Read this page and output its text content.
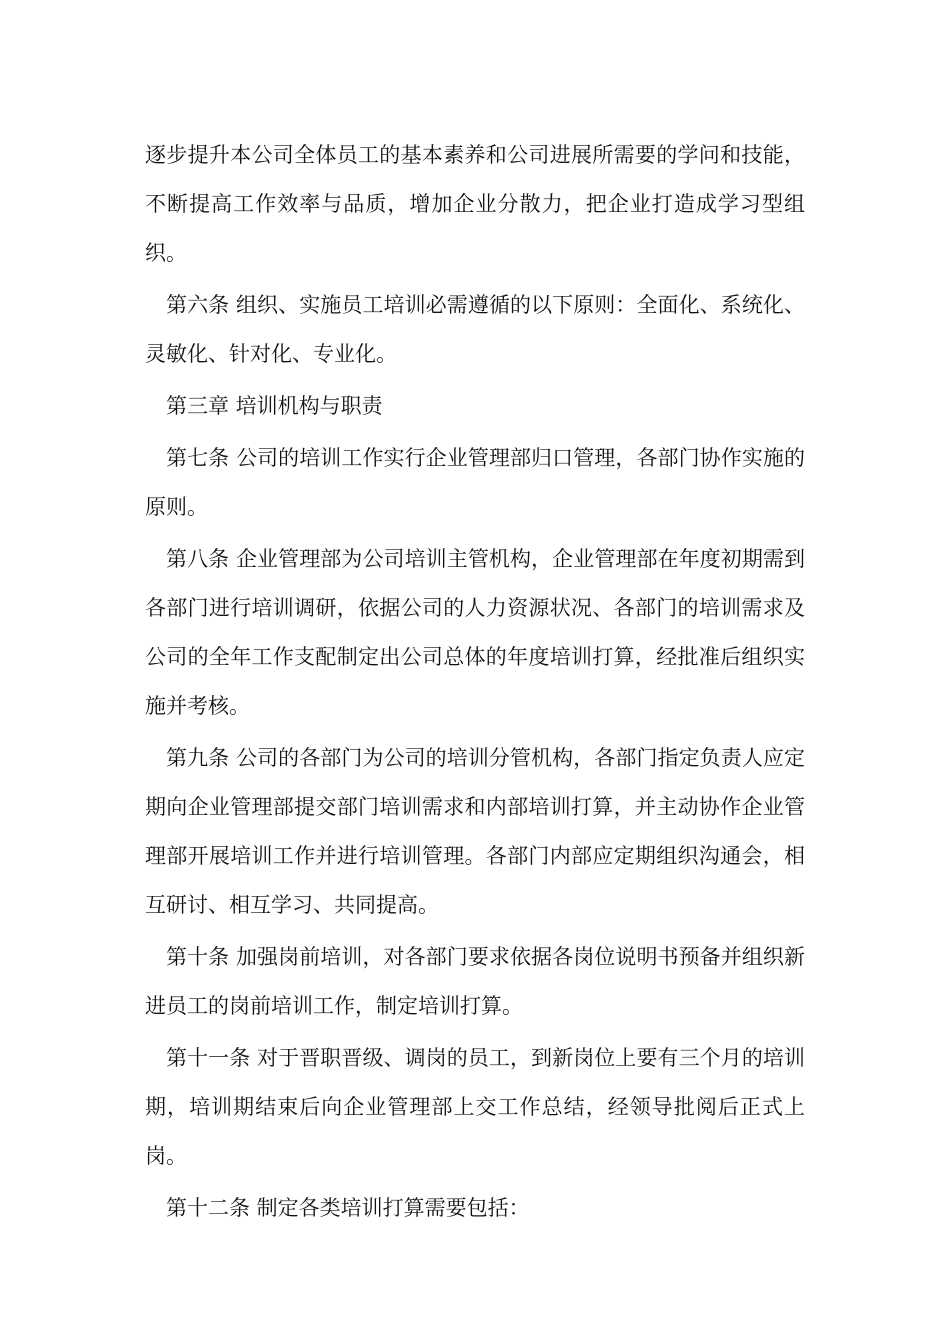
逐步提升本公司全体员工的基本素养和公司进展所需要的学问和技能，不断提高工作效率与品质，增加企业分散力，把企业打造成学习型组织。

第六条 组织、实施员工培训必需遵循的以下原则：全面化、系统化、灵敏化、针对化、专业化。

第三章 培训机构与职责

第七条 公司的培训工作实行企业管理部归口管理，各部门协作实施的原则。

第八条 企业管理部为公司培训主管机构，企业管理部在年度初期需到各部门进行培训调研，依据公司的人力资源状况、各部门的培训需求及公司的全年工作支配制定出公司总体的年度培训打算，经批准后组织实施并考核。

第九条 公司的各部门为公司的培训分管机构，各部门指定负责人应定期向企业管理部提交部门培训需求和内部培训打算，并主动协作企业管理部开展培训工作并进行培训管理。各部门内部应定期组织沟通会，相互研讨、相互学习、共同提高。

第十条 加强岗前培训，对各部门要求依据各岗位说明书预备并组织新进员工的岗前培训工作，制定培训打算。

第十一条 对于晋职晋级、调岗的员工，到新岗位上要有三个月的培训期，培训期结束后向企业管理部上交工作总结，经领导批阅后正式上岗。

第十二条 制定各类培训打算需要包括：
